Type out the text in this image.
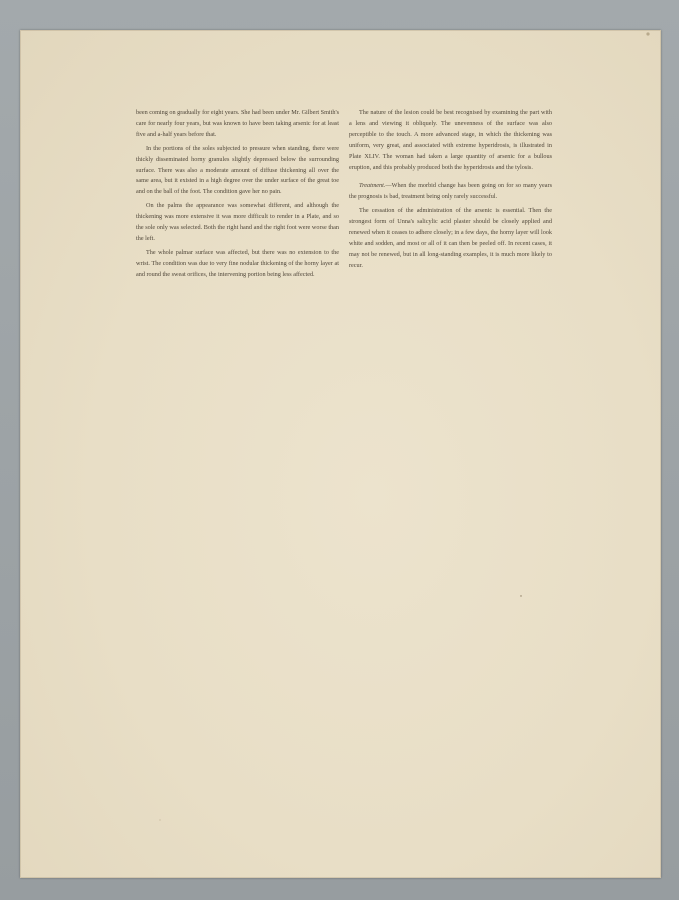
been coming on gradually for eight years. She had been under Mr. Gilbert Smith's care for nearly four years, but was known to have been taking arsenic for at least five and a-half years before that.

In the portions of the soles subjected to pressure when standing, there were thickly disseminated horny granules slightly depressed below the surrounding surface. There was also a moderate amount of diffuse thickening all over the same area, but it existed in a high degree over the under surface of the great toe and on the ball of the foot. The condition gave her no pain.

On the palms the appearance was somewhat different, and although the thickening was more extensive it was more difficult to render in a Plate, and so the sole only was selected. Both the right hand and the right foot were worse than the left.

The whole palmar surface was affected, but there was no extension to the wrist. The condition was due to very fine nodular thickening of the horny layer at and round the sweat orifices, the intervening portion being less affected.

The nature of the lesion could be best recognised by examining the part with a lens and viewing it obliquely. The unevenness of the surface was also perceptible to the touch. A more advanced stage, in which the thickening was uniform, very great, and associated with extreme hyperidrosis, is illustrated in Plate XLIV. The woman had taken a large quantity of arsenic for a bullous eruption, and this probably produced both the hyperidrosis and the tylosis.

Treatment.—When the morbid change has been going on for so many years the prognosis is bad, treatment being only rarely successful.

The cessation of the administration of the arsenic is essential. Then the strongest form of Unna's salicylic acid plaster should be closely applied and renewed when it ceases to adhere closely; in a few days, the horny layer will look white and sodden, and most or all of it can then be peeled off. In recent cases, it may not be renewed, but in all long-standing examples, it is much more likely to recur.
